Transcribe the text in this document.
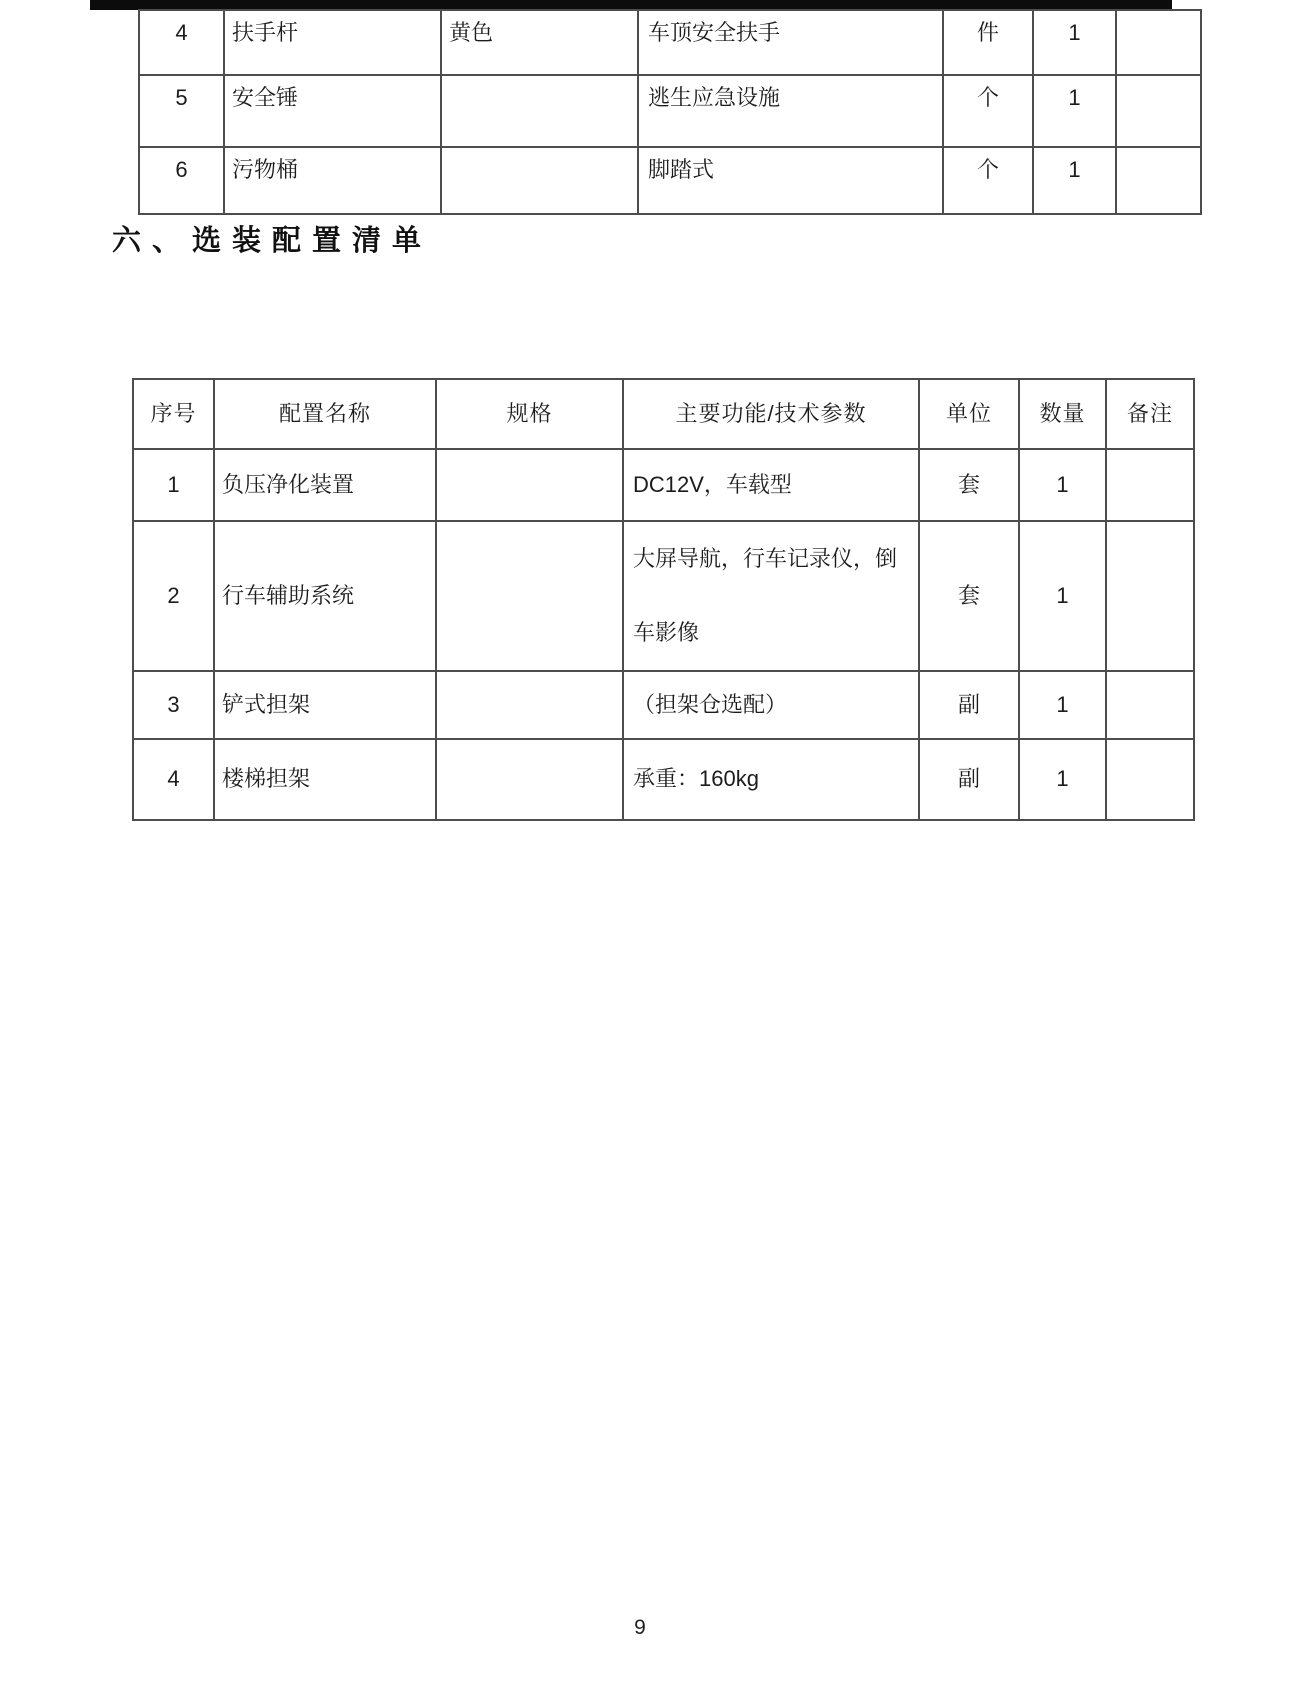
4	扶手杆	黄色	车顶安全扶手	件	1	
5	安全锤		逃生应急设施	个	1	
6	污物桶		脚踏式	个	1	
六、选装配置清单
序号	配置名称	规格	主要功能/技术参数	单位	数量	备注
1	负压净化装置		DC12V，车载型	套	1	
2	行车辅助系统		大屏导航，行车记录仪，倒车影像	套	1	
3	铲式担架		（担架仓选配）	副	1	
4	楼梯担架		承重：160kg	副	1	
9
